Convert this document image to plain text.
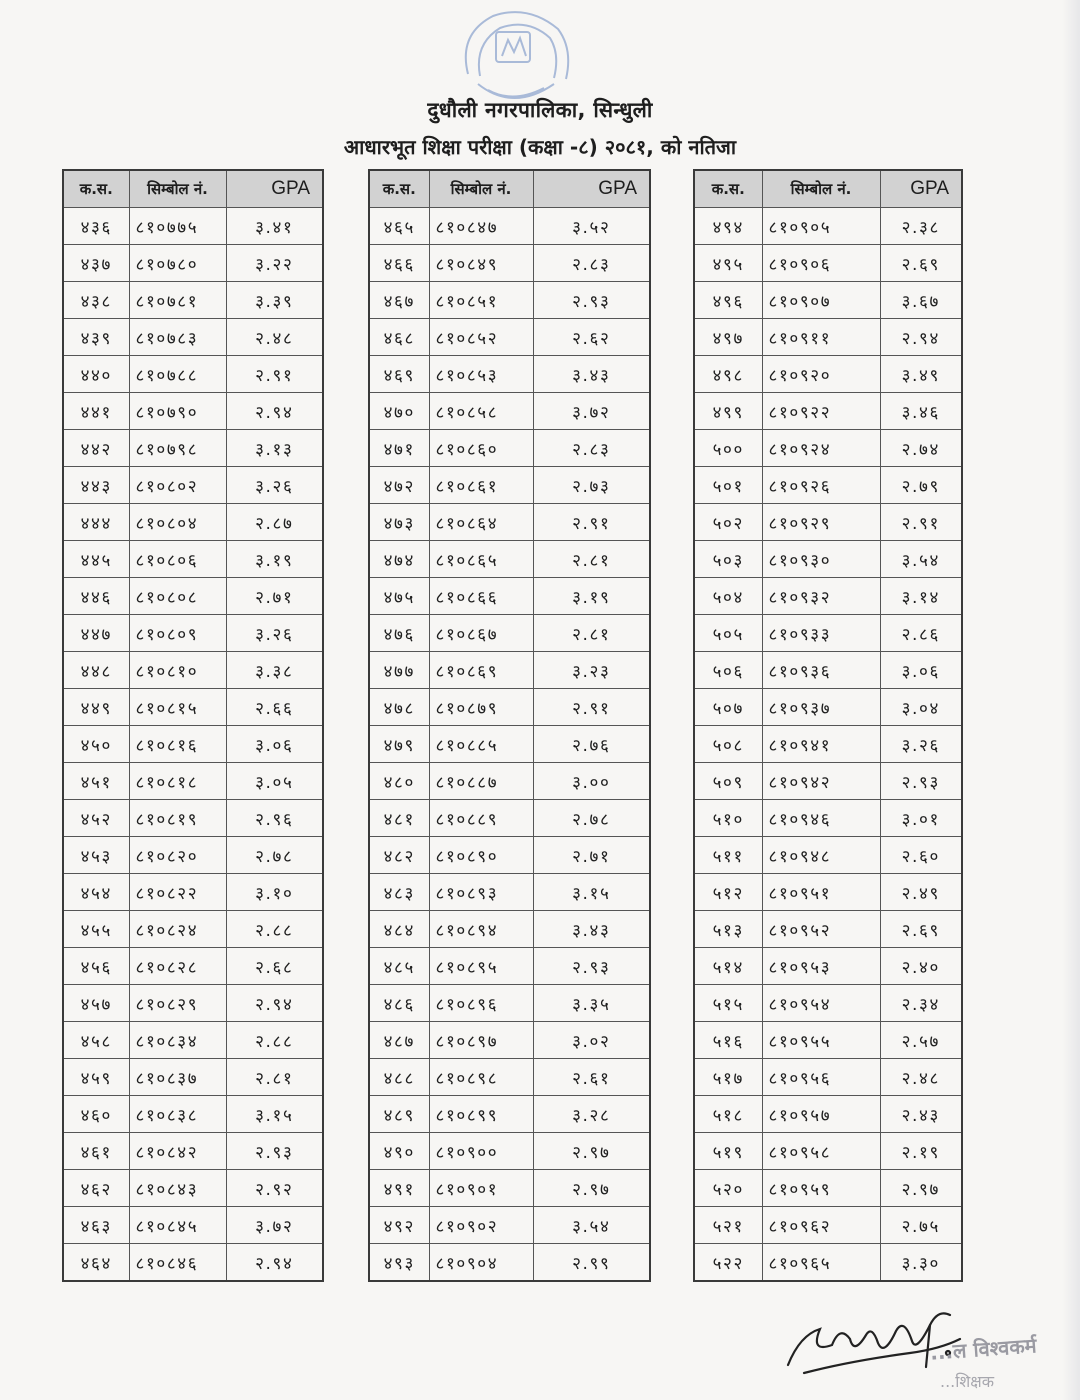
दुधौली नगरपालिका, सिन्धुली
आधारभूत शिक्षा परीक्षा (कक्षा -८) २०८१, को नतिजा
क.स.	सिम्बोल नं.	GPA
४३६	८१०७७५	३.४१
४३७	८१०७८०	३.२२
४३८	८१०७८१	३.३९
४३९	८१०७८३	२.४८
४४०	८१०७८८	२.९१
४४१	८१०७९०	२.९४
४४२	८१०७९८	३.१३
४४३	८१०८०२	३.२६
४४४	८१०८०४	२.८७
४४५	८१०८०६	३.१९
४४६	८१०८०८	२.७१
४४७	८१०८०९	३.२६
४४८	८१०८१०	३.३८
४४९	८१०८१५	२.६६
४५०	८१०८१६	३.०६
४५१	८१०८१८	३.०५
४५२	८१०८१९	२.९६
४५३	८१०८२०	२.७८
४५४	८१०८२२	३.१०
४५५	८१०८२४	२.८८
४५६	८१०८२८	२.६८
४५७	८१०८२९	२.९४
४५८	८१०८३४	२.८८
४५९	८१०८३७	२.८१
४६०	८१०८३८	३.१५
४६१	८१०८४२	२.९३
४६२	८१०८४३	२.९२
४६३	८१०८४५	३.७२
४६४	८१०८४६	२.९४
क.स.	सिम्बोल नं.	GPA
४६५	८१०८४७	३.५२
४६६	८१०८४९	२.८३
४६७	८१०८५१	२.९३
४६८	८१०८५२	२.६२
४६९	८१०८५३	३.४३
४७०	८१०८५८	३.७२
४७१	८१०८६०	२.८३
४७२	८१०८६१	२.७३
४७३	८१०८६४	२.९१
४७४	८१०८६५	२.८१
४७५	८१०८६६	३.१९
४७६	८१०८६७	२.८१
४७७	८१०८६९	३.२३
४७८	८१०८७९	२.९१
४७९	८१०८८५	२.७६
४८०	८१०८८७	३.००
४८१	८१०८८९	२.७८
४८२	८१०८९०	२.७१
४८३	८१०८९३	३.१५
४८४	८१०८९४	३.४३
४८५	८१०८९५	२.९३
४८६	८१०८९६	३.३५
४८७	८१०८९७	३.०२
४८८	८१०८९८	२.६१
४८९	८१०८९९	३.२८
४९०	८१०९००	२.९७
४९१	८१०९०१	२.९७
४९२	८१०९०२	३.५४
४९३	८१०९०४	२.९९
क.स.	सिम्बोल नं.	GPA
४९४	८१०९०५	२.३८
४९५	८१०९०६	२.६९
४९६	८१०९०७	३.६७
४९७	८१०९११	२.९४
४९८	८१०९२०	३.४९
४९९	८१०९२२	३.४६
५००	८१०९२४	२.७४
५०१	८१०९२६	२.७९
५०२	८१०९२९	२.९१
५०३	८१०९३०	३.५४
५०४	८१०९३२	३.१४
५०५	८१०९३३	२.८६
५०६	८१०९३६	३.०६
५०७	८१०९३७	३.०४
५०८	८१०९४१	३.२६
५०९	८१०९४२	२.९३
५१०	८१०९४६	३.०१
५११	८१०९४८	२.६०
५१२	८१०९५१	२.४९
५१३	८१०९५२	२.६९
५१४	८१०९५३	२.४०
५१५	८१०९५४	२.३४
५१६	८१०९५५	२.५७
५१७	८१०९५६	२.४८
५१८	८१०९५७	२.४३
५१९	८१०९५८	२.१९
५२०	८१०९५९	२.९७
५२१	८१०९६२	२.७५
५२२	८१०९६५	३.३०
...ल विश्वकर्म
...शिक्षक
